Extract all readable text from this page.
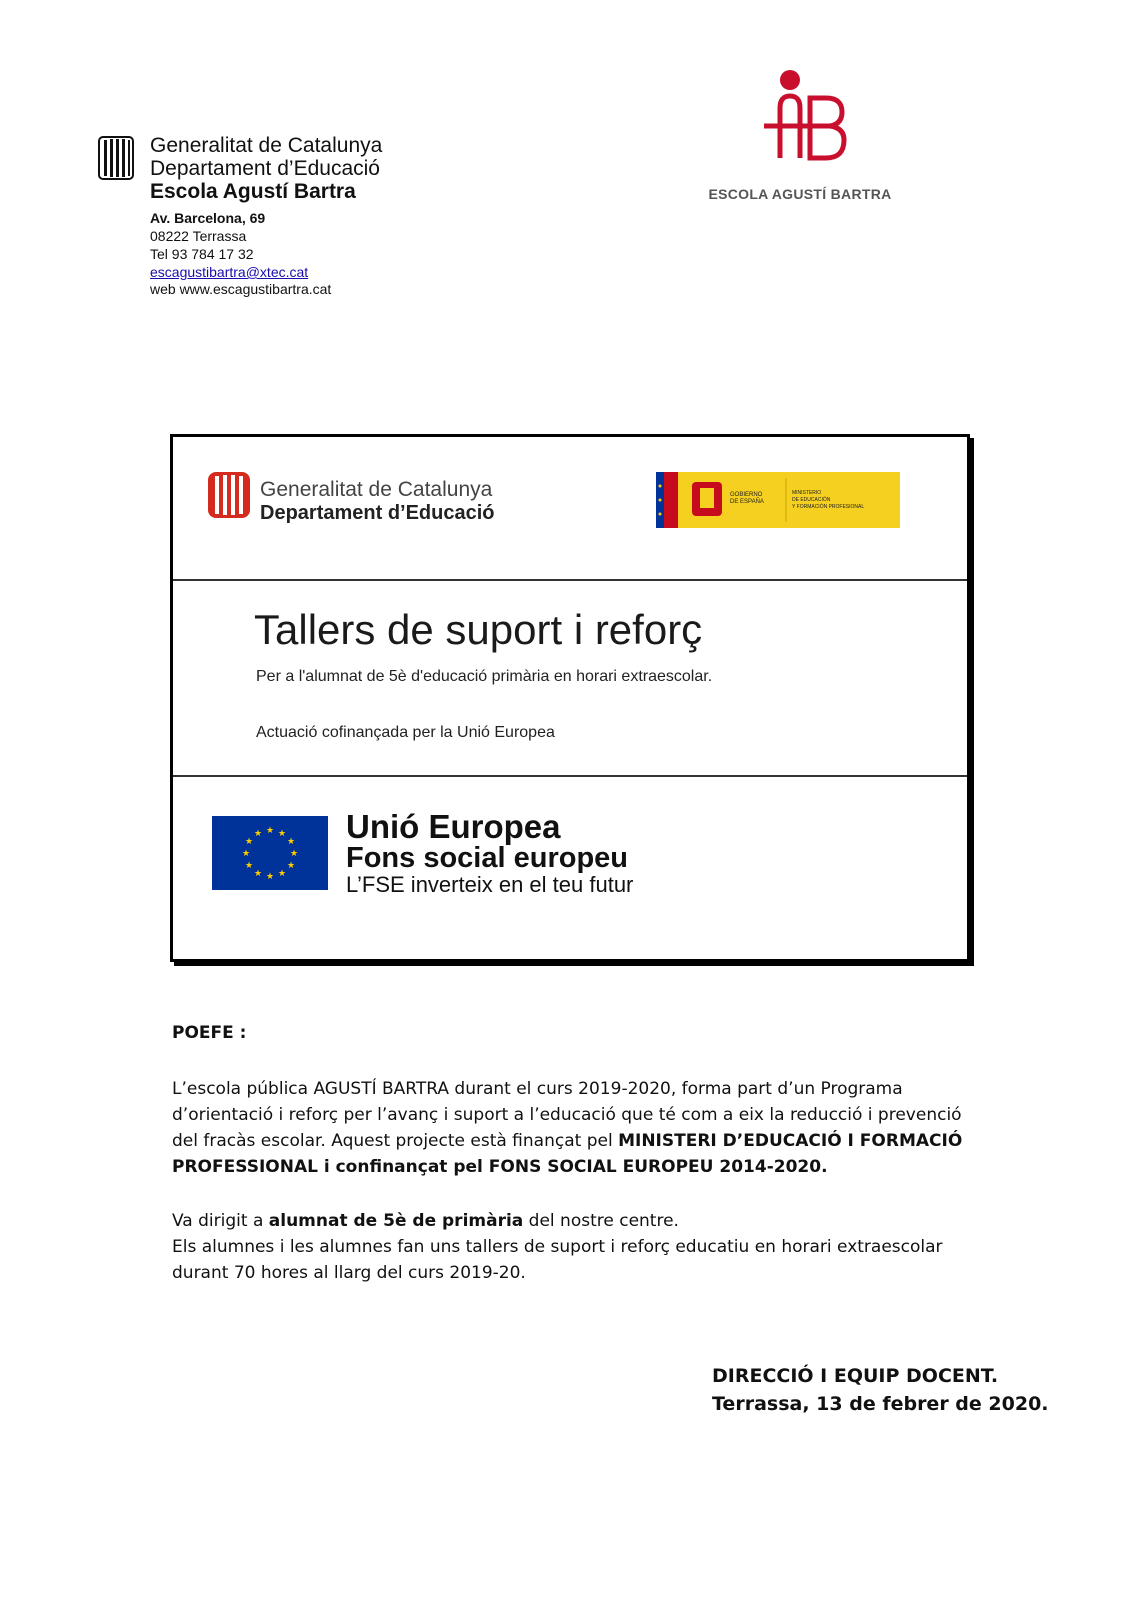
Generalitat de Catalunya
Departament d’Educació
Escola Agustí Bartra
Av. Barcelona, 69
08222 Terrassa
Tel 93 784 17 32
escagustibartra@xtec.cat
web www.escagustibartra.cat
ESCOLA AGUSTÍ BARTRA
Generalitat de Catalunya
Departament d’Educació
GOBIERNO
DE ESPAÑA
MINISTERIO
DE EDUCACIÓN
Y FORMACIÓN PROFESIONAL
Tallers de suport i reforç
Per a l'alumnat de 5è d'educació primària en horari extraescolar.
Actuació cofinançada per la Unió Europea
★ ★
★
★
★
★
★
★
★
★
★
★	Unió Europea
Fons social europeu
L’FSE inverteix en el teu futur
POEFE :
L’escola pública AGUSTÍ BARTRA durant el curs 2019-2020, forma part d’un Programa d’orientació i reforç per l’avanç i suport a l’educació que té com a eix la reducció i prevenció del fracàs escolar. Aquest projecte està finançat pel MINISTERI D’EDUCACIÓ I FORMACIÓ PROFESSIONAL i confinançat pel FONS SOCIAL EUROPEU 2014-2020.
Va dirigit a alumnat de 5è de primària del nostre centre.
Els alumnes i les alumnes fan uns tallers de suport i reforç educatiu en horari extraescolar durant 70 hores al llarg del curs 2019-20.
DIRECCIÓ I EQUIP DOCENT.
Terrassa, 13 de febrer de 2020.
